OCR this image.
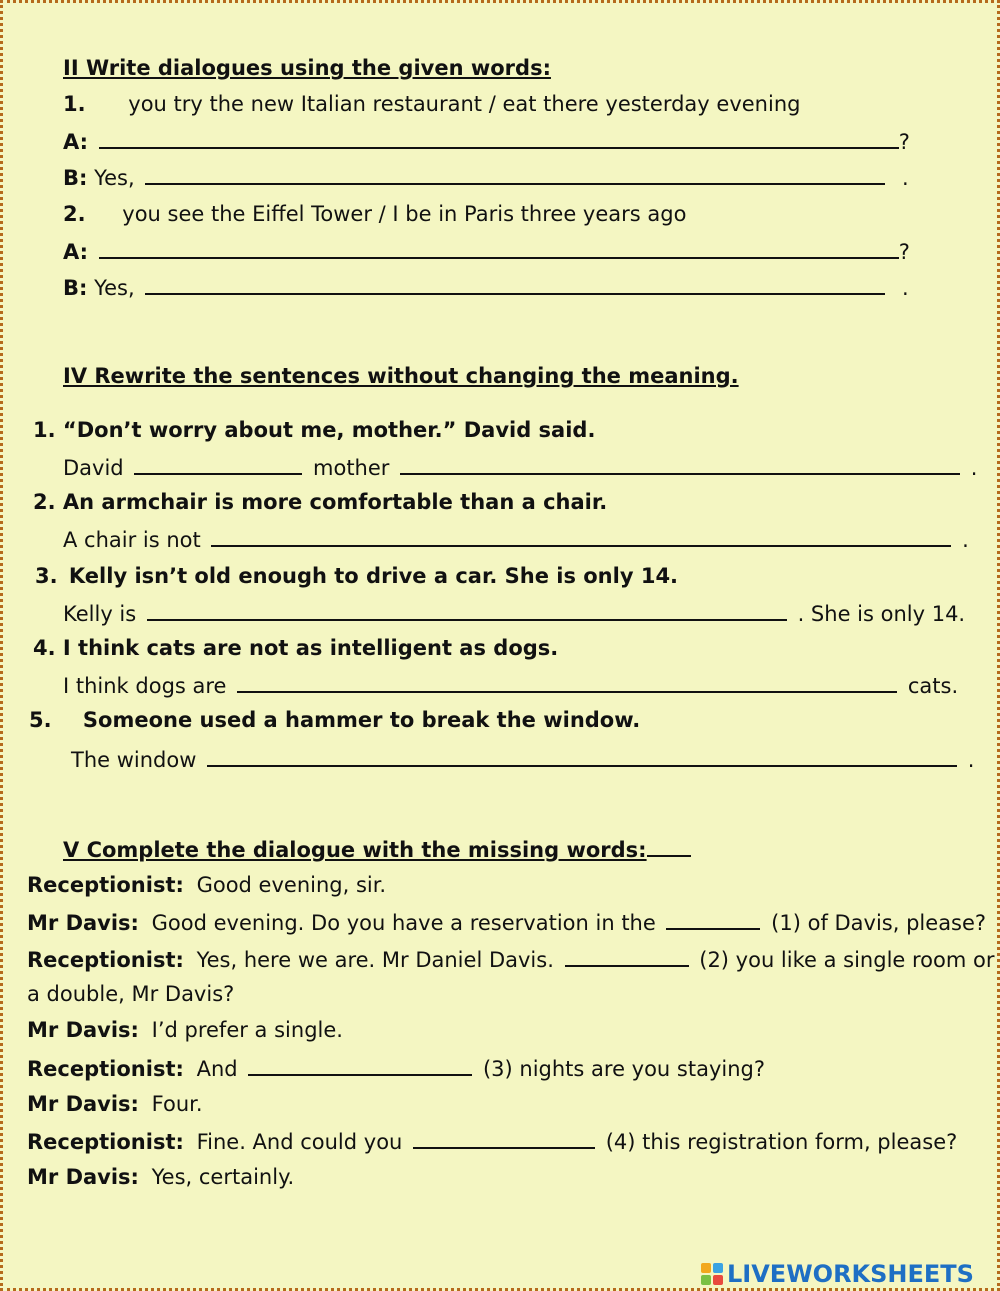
II Write dialogues using the given words:
1. you try the new Italian restaurant / eat there yesterday evening
A:	?
B: Yes,	.
2. you see the Eiffel Tower / I be in Paris three years ago
A:	?
B: Yes,	.
IV Rewrite the sentences without changing the meaning.
1. “Don’t worry about me, mother.” David said.
David	mother	.
2. An armchair is more comfortable than a chair.
A chair is not	.
3. Kelly isn’t old enough to drive a car. She is only 14.
Kelly is	. She is only 14.
4. I think cats are not as intelligent as dogs.
I think dogs are	cats.
5. Someone used a hammer to break the window.
The window	.
V Complete the dialogue with the missing words:
Receptionist: Good evening, sir.
Mr Davis: Good evening. Do you have a reservation in the	(1) of Davis, please?
Receptionist: Yes, here we are. Mr Daniel Davis.	(2) you like a single room or
a double, Mr Davis?
Mr Davis: I’d prefer a single.
Receptionist: And	(3) nights are you staying?
Mr Davis: Four.
Receptionist: Fine. And could you	(4) this registration form, please?
Mr Davis: Yes, certainly.
LIVEWORKSHEETS
